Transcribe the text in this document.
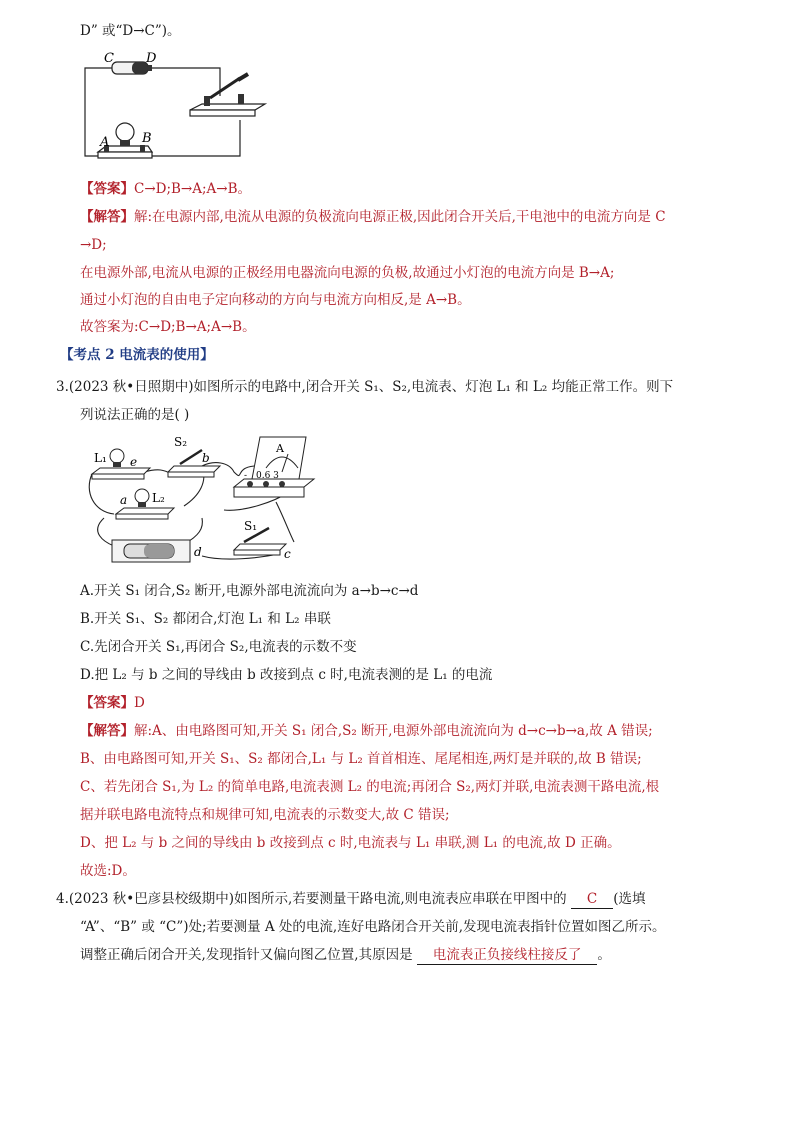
D” 或“D→C”)。
C D
A	B
【答案】C→D;B→A;A→B。
【解答】解:在电源内部,电流从电源的负极流向电源正极,因此闭合开关后,干电池中的电流方向是 C
→D;
在电源外部,电流从电源的正极经用电器流向电源的负极,故通过小灯泡的电流方向是 B→A;
通过小灯泡的自由电子定向移动的方向与电流方向相反,是 A→B。
故答案为:C→D;B→A;A→B。
【考点 2 电流表的使用】
3.(2023 秋•日照期中)如图所示的电路中,闭合开关 S₁、S₂,电流表、灯泡 L₁ 和 L₂ 均能正常工作。则下
列说法正确的是( )
L₁ e
S₂
b
A
0.6 3
-
a L₂
d
S₁
c
A.开关 S₁ 闭合,S₂ 断开,电源外部电流流向为 a→b→c→d
B.开关 S₁、S₂ 都闭合,灯泡 L₁ 和 L₂ 串联
C.先闭合开关 S₁,再闭合 S₂,电流表的示数不变
D.把 L₂ 与 b 之间的导线由 b 改接到点 c 时,电流表测的是 L₁ 的电流
【答案】D
【解答】解:A、由电路图可知,开关 S₁ 闭合,S₂ 断开,电源外部电流流向为 d→c→b→a,故 A 错误;
B、由电路图可知,开关 S₁、S₂ 都闭合,L₁ 与 L₂ 首首相连、尾尾相连,两灯是并联的,故 B 错误;
C、若先闭合 S₁,为 L₂ 的简单电路,电流表测 L₂ 的电流;再闭合 S₂,两灯并联,电流表测干路电流,根
据并联电路电流特点和规律可知,电流表的示数变大,故 C 错误;
D、把 L₂ 与 b 之间的导线由 b 改接到点 c 时,电流表与 L₁ 串联,测 L₁ 的电流,故 D 正确。
故选:D。
4.(2023 秋•巴彦县校级期中)如图所示,若要测量干路电流,则电流表应串联在甲图中的 C (选填
“A”、“B” 或 “C”)处;若要测量 A 处的电流,连好电路闭合开关前,发现电流表指针位置如图乙所示。
调整正确后闭合开关,发现指针又偏向图乙位置,其原因是 电流表正负接线柱接反了 。
